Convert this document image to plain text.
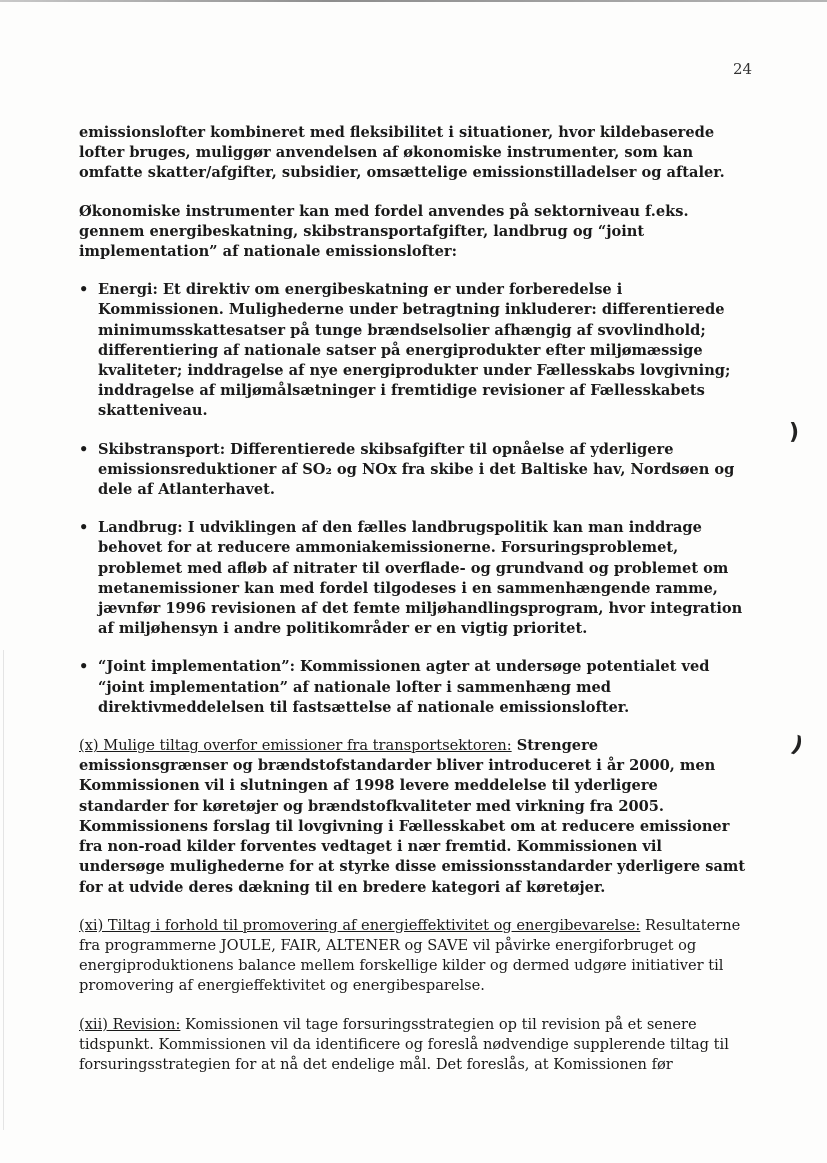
24
)
)

emissionslofter kombineret med fleksibilitet i situationer, hvor kildebaserede lofter bruges, muliggør anvendelsen af økonomiske instrumenter, som kan omfatte skatter/afgifter, subsidier, omsættelige emissionstilladelser og aftaler.

Økonomiske instrumenter kan med fordel anvendes på sektorniveau f.eks. gennem energibeskatning, skibstransportafgifter, landbrug og “joint implementation” af nationale emissionslofter:

• Energi: Et direktiv om energibeskatning er under forberedelse i Kommissionen. Mulighederne under betragtning inkluderer: differentierede minimumsskattesatser på tunge brændselsolier afhængig af svovlindhold; differentiering af nationale satser på energiprodukter efter miljømæssige kvaliteter; inddragelse af nye energiprodukter under Fællesskabs lovgivning; inddragelse af miljømålsætninger i fremtidige revisioner af Fællesskabets skatteniveau.
• Skibstransport: Differentierede skibsafgifter til opnåelse af yderligere emissionsreduktioner af SO₂ og NOx fra skibe i det Baltiske hav, Nordsøen og dele af Atlanterhavet.
• Landbrug: I udviklingen af den fælles landbrugspolitik kan man inddrage behovet for at reducere ammoniakemissionerne. Forsuringsproblemet, problemet med afløb af nitrater til overflade- og grundvand og problemet om metanemissioner kan med fordel tilgodeses i en sammenhængende ramme, jævnfør 1996 revisionen af det femte miljøhandlingsprogram, hvor integration af miljøhensyn i andre politikområder er en vigtig prioritet.
• “Joint implementation”: Kommissionen agter at undersøge potentialet ved “joint implementation” af nationale lofter i sammenhæng med direktivmeddelelsen til fastsættelse af nationale emissionslofter.

(x) Mulige tiltag overfor emissioner fra transportsektoren: Strengere emissionsgrænser og brændstofstandarder bliver introduceret i år 2000, men Kommissionen vil i slutningen af 1998 levere meddelelse til yderligere standarder for køretøjer og brændstofkvaliteter med virkning fra 2005. Kommissionens forslag til lovgivning i Fællesskabet om at reducere emissioner fra non-road kilder forventes vedtaget i nær fremtid. Kommissionen vil undersøge mulighederne for at styrke disse emissionsstandarder yderligere samt for at udvide deres dækning til en bredere kategori af køretøjer.

(xi) Tiltag i forhold til promovering af energieffektivitet og energibevarelse: Resultaterne fra programmerne JOULE, FAIR, ALTENER og SAVE vil påvirke energiforbruget og energiproduktionens balance mellem forskellige kilder og dermed udgøre initiativer til promovering af energieffektivitet og energibesparelse.

(xii) Revision: Komissionen vil tage forsuringsstrategien op til revision på et senere tidspunkt. Kommissionen vil da identificere og foreslå nødvendige supplerende tiltag til forsuringsstrategien for at nå det endelige mål. Det foreslås, at Komissionen før
